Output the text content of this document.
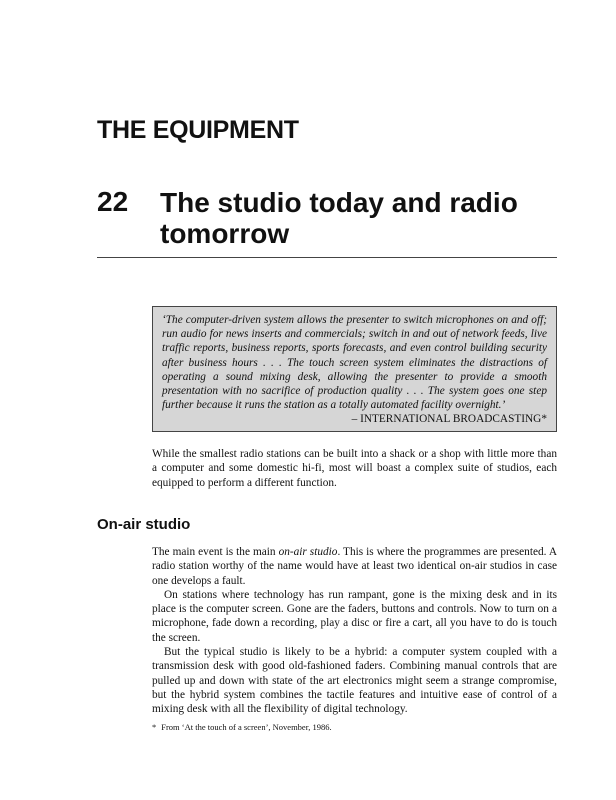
THE EQUIPMENT
22 The studio today and radio
tomorrow

‘The computer-driven system allows the presenter to switch microphones on and off; run audio for news inserts and commercials; switch in and out of network feeds, live traffic reports, business reports, sports forecasts, and even control building security after business hours . . . The touch screen system eliminates the distractions of operating a sound mixing desk, allowing the presenter to provide a smooth presentation with no sacrifice of production quality . . . The system goes one step further because it runs the station as a totally automated facility overnight.’

– INTERNATIONAL BROADCASTING*

While the smallest radio stations can be built into a shack or a shop with little more than a computer and some domestic hi-fi, most will boast a complex suite of studios, each equipped to perform a different function.

On-air studio

The main event is the main on-air studio. This is where the programmes are presented. A radio station worthy of the name would have at least two identical on-air studios in case one develops a fault.

On stations where technology has run rampant, gone is the mixing desk and in its place is the computer screen. Gone are the faders, buttons and controls. Now to turn on a microphone, fade down a recording, play a disc or fire a cart, all you have to do is touch the screen.

But the typical studio is likely to be a hybrid: a computer system coupled with a transmission desk with good old-fashioned faders. Combining manual controls that are pulled up and down with state of the art electronics might seem a strange compromise, but the hybrid system combines the tactile features and intuitive ease of control of a mixing desk with all the flexibility of digital technology.

* From ‘At the touch of a screen’, November, 1986.
